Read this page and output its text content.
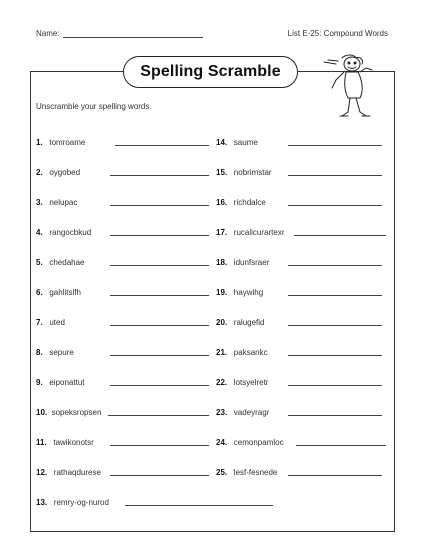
Name:	List E-25: Compound Words
Spelling Scramble
Unscramble your spelling words.
1. tomroame
2. oygobed
3. nelupac
4. rangocbkud
5. chedahae
6. gahlitslfh
7. uted
8. sepure
9. eiponattut
10. sopeksropsen
11. tawikonotsr
12. rathaqdurese
13. remry-og-nurod
14. saume
15. nobrimstar
16. richdalce
17. rucalicurartexr
18. idunfsraer
19. haywihg
20. ralugefid
21. paksankc
22. lotsyelretr
23. vadeyragr
24. cemonpamloc
25. lesf-fesnede
